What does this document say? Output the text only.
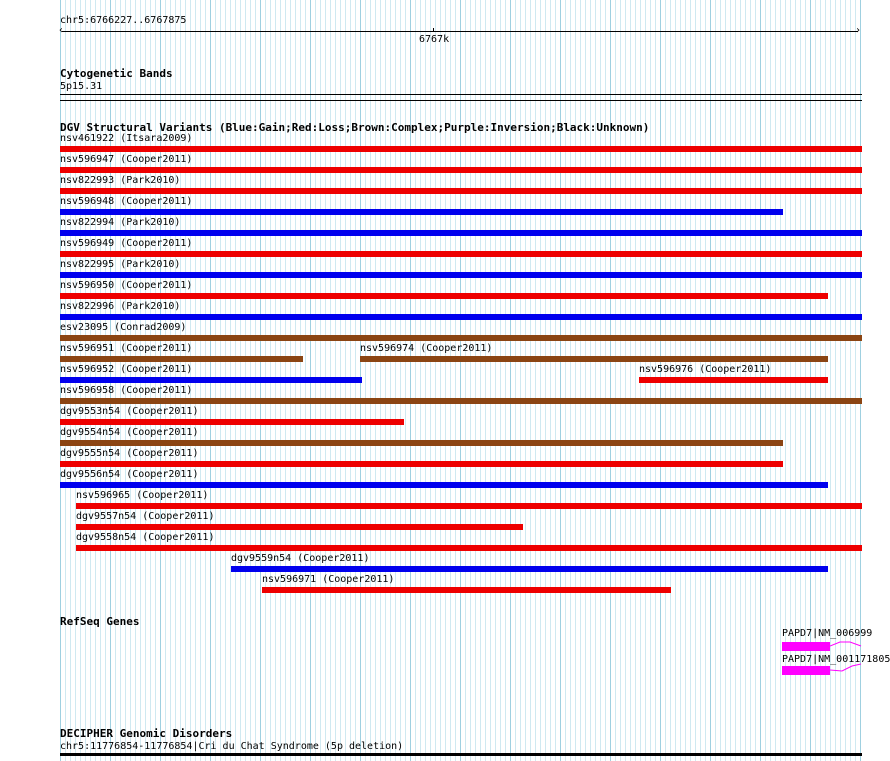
chr5:6766227..6767875
‹	›
6767k
Cytogenetic Bands
5p15.31
DGV Structural Variants (Blue:Gain;Red:Loss;Brown:Complex;Purple:Inversion;Black:Unknown)
nsv461922 (Itsara2009)
nsv596947 (Cooper2011)
nsv822993 (Park2010)
nsv596948 (Cooper2011)
nsv822994 (Park2010)
nsv596949 (Cooper2011)
nsv822995 (Park2010)
nsv596950 (Cooper2011)
nsv822996 (Park2010)
esv23095 (Conrad2009)
nsv596951 (Cooper2011)	nsv596974 (Cooper2011)
nsv596952 (Cooper2011)	nsv596976 (Cooper2011)
nsv596958 (Cooper2011)
dgv9553n54 (Cooper2011)
dgv9554n54 (Cooper2011)
dgv9555n54 (Cooper2011)
dgv9556n54 (Cooper2011)
nsv596965 (Cooper2011)
dgv9557n54 (Cooper2011)
dgv9558n54 (Cooper2011)
dgv9559n54 (Cooper2011)
nsv596971 (Cooper2011)
RefSeq Genes
PAPD7|NM_006999
PAPD7|NM_001171805
DECIPHER Genomic Disorders
chr5:11776854-11776854|Cri du Chat Syndrome (5p deletion)
